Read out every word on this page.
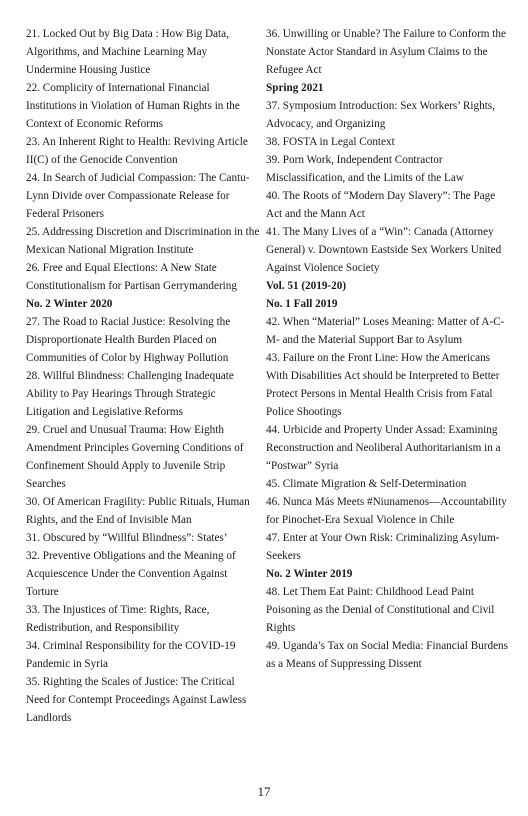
21. Locked Out by Big Data : How Big Data, Algorithms, and Machine Learning May Undermine Housing Justice

22. Complicity of International Financial Institutions in Violation of Human Rights in the Context of Economic Reforms

23. An Inherent Right to Health: Reviving Article II(C) of the Genocide Convention

24. In Search of Judicial Compassion: The Cantu-Lynn Divide over Compassionate Release for Federal Prisoners

25. Addressing Discretion and Discrimination in the Mexican National Migration Institute

26. Free and Equal Elections: A New State Constitutionalism for Partisan Gerrymandering

No. 2 Winter 2020

27. The Road to Racial Justice: Resolving the Disproportionate Health Burden Placed on Communities of Color by Highway Pollution

28. Willful Blindness: Challenging Inadequate Ability to Pay Hearings Through Strategic Litigation and Legislative Reforms

29. Cruel and Unusual Trauma: How Eighth Amendment Principles Governing Conditions of Confinement Should Apply to Juvenile Strip Searches

30. Of American Fragility: Public Rituals, Human Rights, and the End of Invisible Man

31. Obscured by “Willful Blindness”: States’

32. Preventive Obligations and the Meaning of Acquiescence Under the Convention Against Torture

33. The Injustices of Time: Rights, Race, Redistribution, and Responsibility

34. Criminal Responsibility for the COVID-19 Pandemic in Syria

35. Righting the Scales of Justice: The Critical Need for Contempt Proceedings Against Lawless Landlords

36. Unwilling or Unable? The Failure to Conform the Nonstate Actor Standard in Asylum Claims to the Refugee Act

Spring 2021

37. Symposium Introduction: Sex Workers’ Rights, Advocacy, and Organizing

38. FOSTA in Legal Context

39. Porn Work, Independent Contractor Misclassification, and the Limits of the Law

40. The Roots of “Modern Day Slavery”: The Page Act and the Mann Act

41. The Many Lives of a “Win”: Canada (Attorney General) v. Downtown Eastside Sex Workers United Against Violence Society

Vol. 51 (2019-20)

No. 1 Fall 2019

42. When “Material” Loses Meaning: Matter of A-C-M- and the Material Support Bar to Asylum

43. Failure on the Front Line: How the Americans With Disabilities Act should be Interpreted to Better Protect Persons in Mental Health Crisis from Fatal Police Shootings

44. Urbicide and Property Under Assad: Examining Reconstruction and Neoliberal Authoritarianism in a “Postwar” Syria

45. Climate Migration & Self-Determination

46. Nunca Más Meets #Niunamenos—Accountability for Pinochet-Era Sexual Violence in Chile

47. Enter at Your Own Risk: Criminalizing Asylum-Seekers

No. 2 Winter 2019

48. Let Them Eat Paint: Childhood Lead Paint Poisoning as the Denial of Constitutional and Civil Rights

49. Uganda’s Tax on Social Media: Financial Burdens as a Means of Suppressing Dissent

17
